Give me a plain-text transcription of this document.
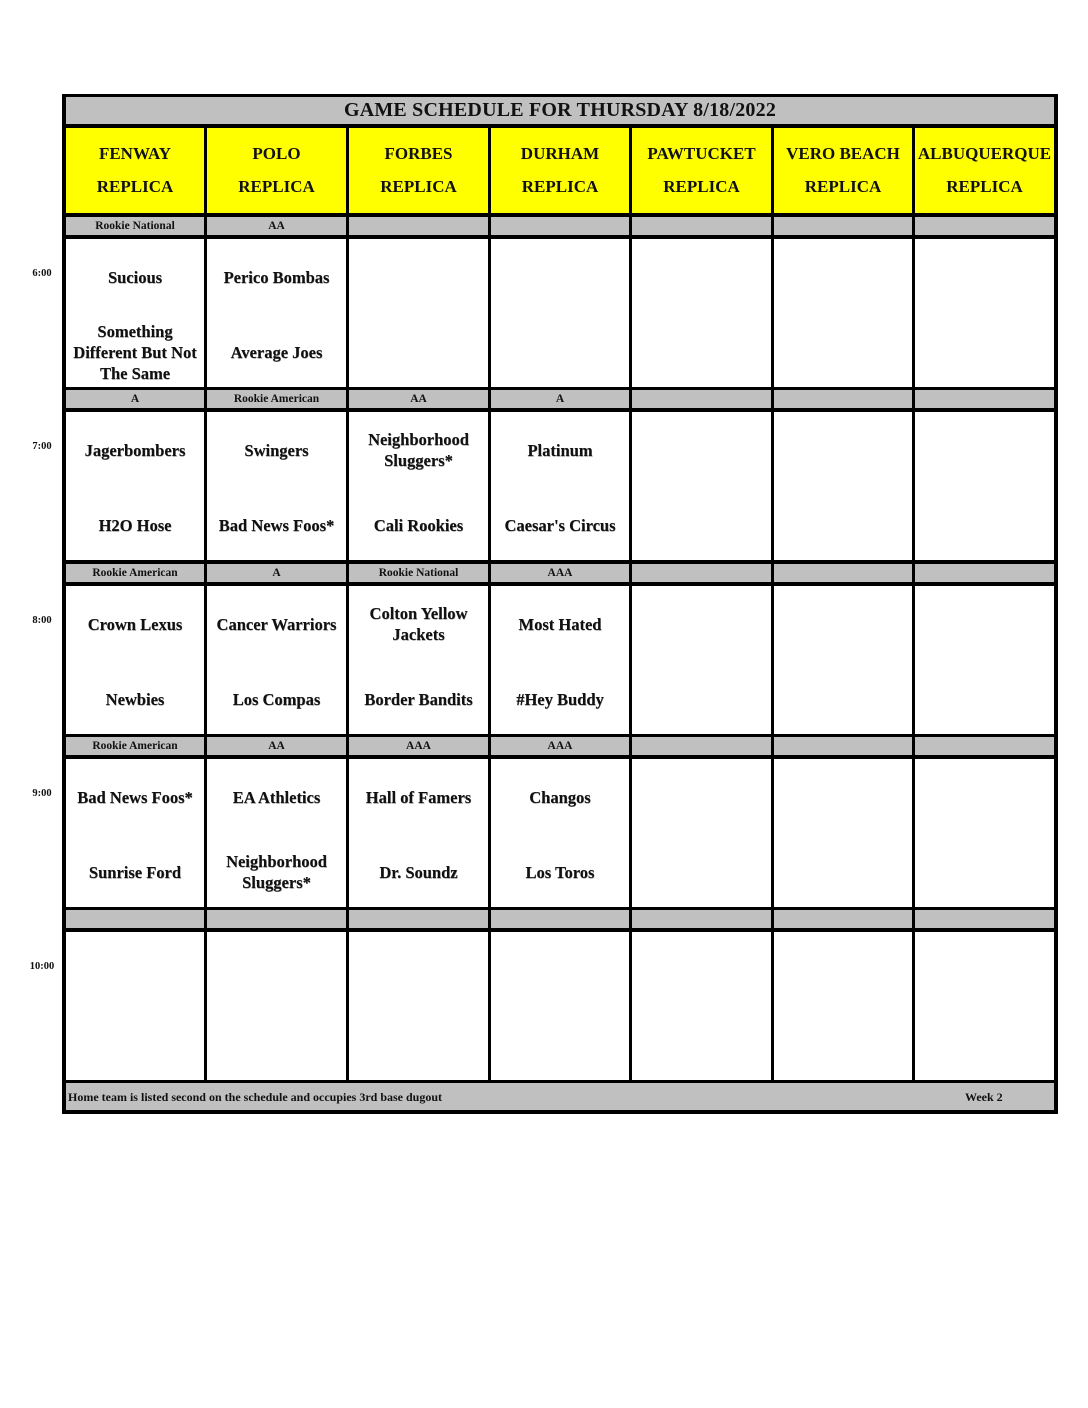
GAME SCHEDULE FOR THURSDAY 8/18/2022
FENWAY
REPLICA
POLO
REPLICA
FORBES
REPLICA
DURHAM
REPLICA
PAWTUCKET
REPLICA
VERO BEACH
REPLICA
ALBUQUERQUE
REPLICA
Rookie National
Sucious
Something Different But Not The Same
AA
Perico Bombas
Average Joes
A
Jagerbombers
H2O Hose
Rookie American
Swingers
Bad News Foos*
AA
Neighborhood Sluggers*
Cali Rookies
A
Platinum
Caesar's Circus
Rookie American
Crown Lexus
Newbies
A
Cancer Warriors
Los Compas
Rookie National
Colton Yellow Jackets
Border Bandits
AAA
Most Hated
#Hey Buddy
Rookie American
Bad News Foos*
Sunrise Ford
AA
EA Athletics
Neighborhood Sluggers*
AAA
Hall of Famers
Dr. Soundz
AAA
Changos
Los Toros
Home team is listed second on the schedule and occupies 3rd base dugout	Week 2
6:00
7:00
8:00
9:00
10:00
